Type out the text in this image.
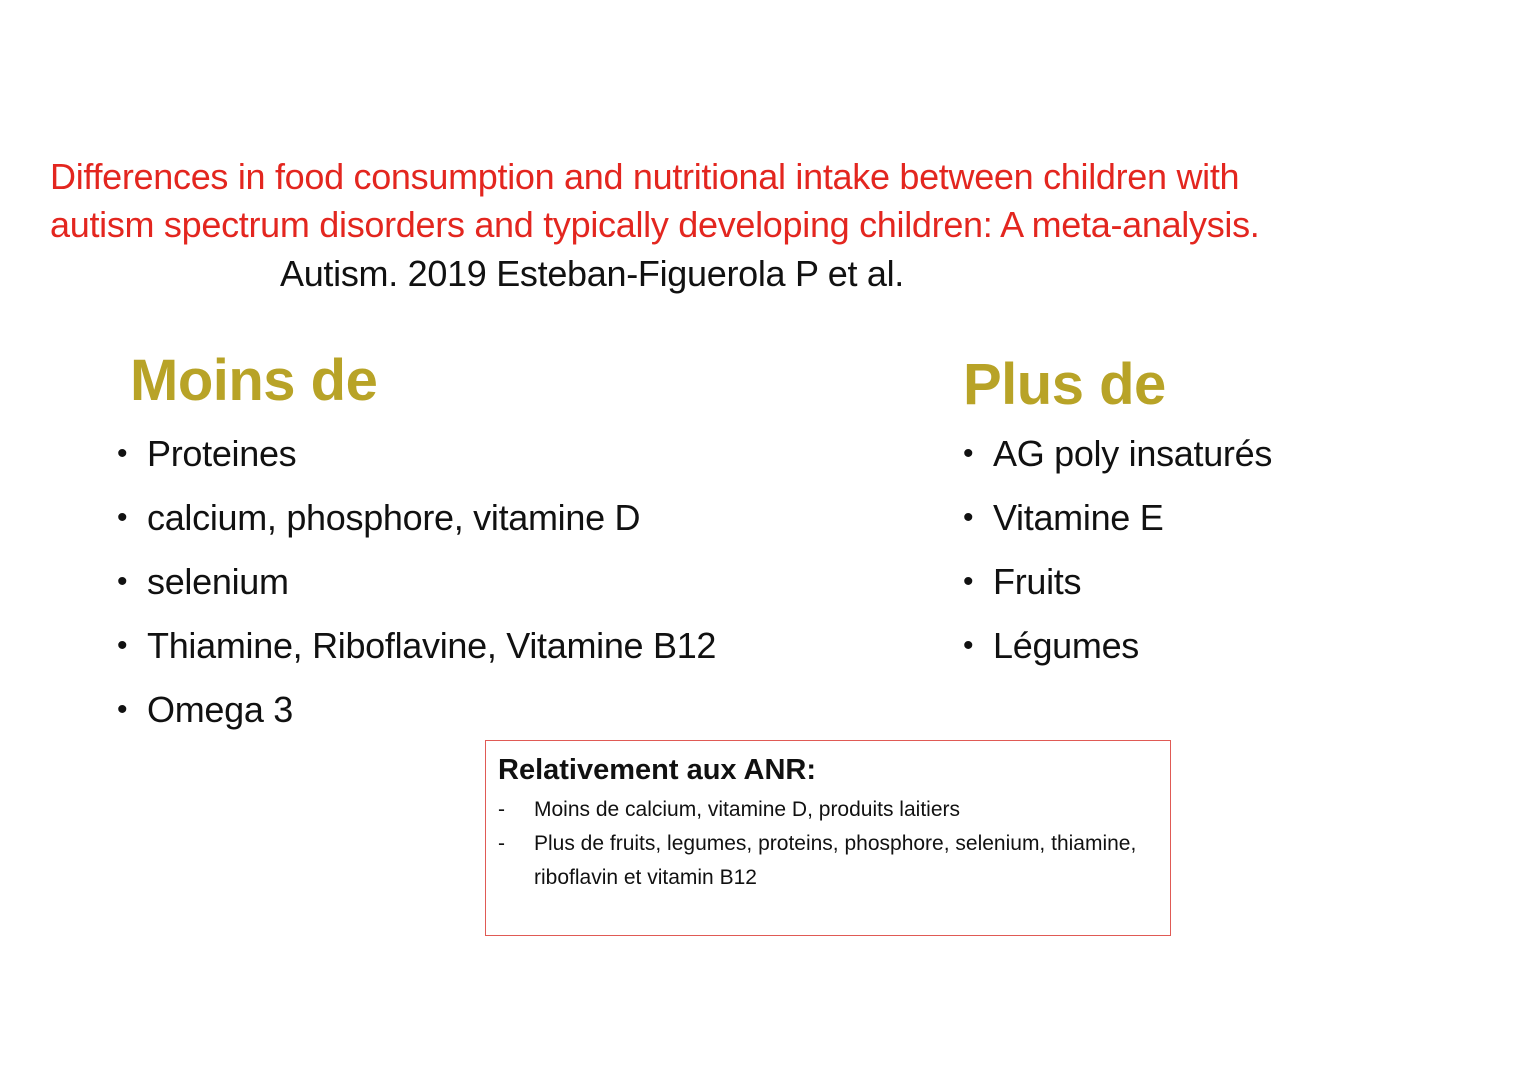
Differences in food consumption and nutritional intake between children with
autism spectrum disorders and typically developing children: A meta-analysis.
Autism. 2019 Esteban-Figuerola P et al.
Moins de
• Proteines
• calcium, phosphore, vitamine D
• selenium
• Thiamine, Riboflavine, Vitamine B12
• Omega 3
Plus de
• AG poly insaturés
• Vitamine E
• Fruits
• Légumes
Relativement aux ANR:
- Moins de calcium, vitamine D, produits laitiers
- Plus de fruits, legumes, proteins, phosphore, selenium, thiamine, riboflavin et vitamin B12
